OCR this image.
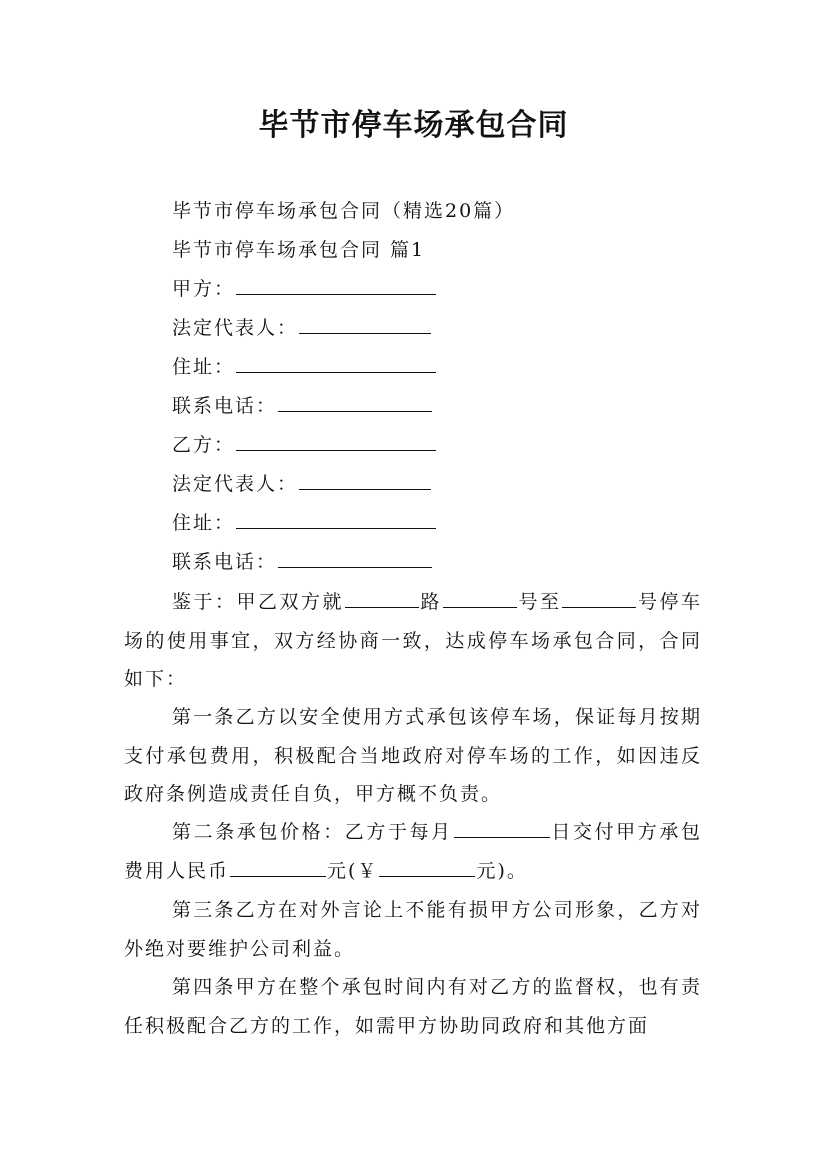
毕节市停车场承包合同
毕节市停车场承包合同（精选20篇）
毕节市停车场承包合同 篇1
甲方：
法定代表人：
住址：
联系电话：
乙方：
法定代表人：
住址：
联系电话：

鉴于：甲乙双方就	路	号至	号停车场的使用事宜，双方经协商一致，达成停车场承包合同，合同如下：

第一条乙方以安全使用方式承包该停车场，保证每月按期支付承包费用，积极配合当地政府对停车场的工作，如因违反政府条例造成责任自负，甲方概不负责。

第二条承包价格：乙方于每月	日交付甲方承包费用人民币	元(￥	元)。

第三条乙方在对外言论上不能有损甲方公司形象，乙方对外绝对要维护公司利益。

第四条甲方在整个承包时间内有对乙方的监督权，也有责任积极配合乙方的工作，如需甲方协助同政府和其他方面
